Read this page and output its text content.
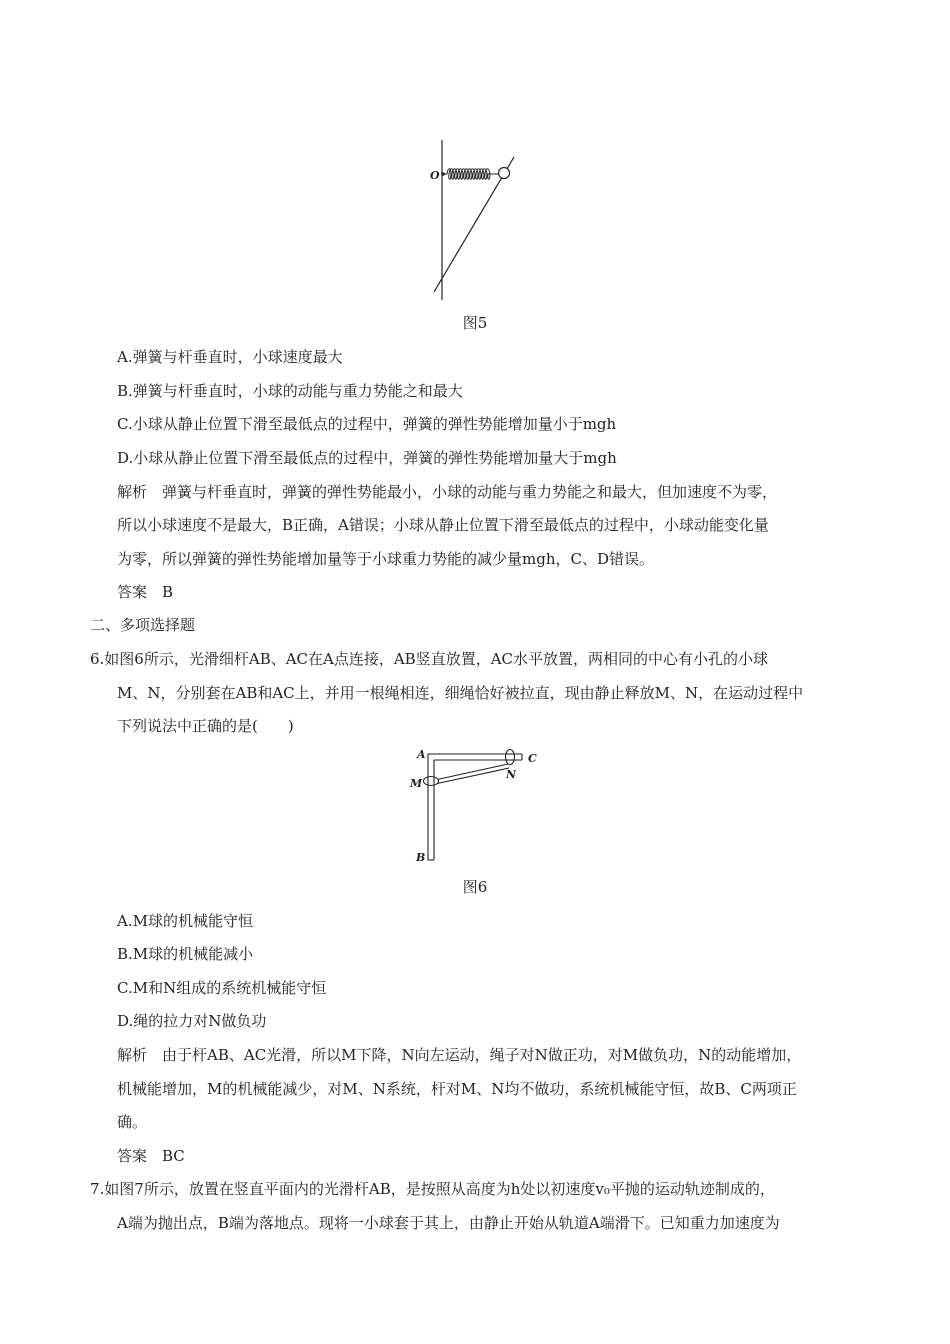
O
图5
A.弹簧与杆垂直时，小球速度最大
B.弹簧与杆垂直时，小球的动能与重力势能之和最大
C.小球从静止位置下滑至最低点的过程中，弹簧的弹性势能增加量小于mgh
D.小球从静止位置下滑至最低点的过程中，弹簧的弹性势能增加量大于mgh
解析　弹簧与杆垂直时，弹簧的弹性势能最小，小球的动能与重力势能之和最大，但加速度不为零，
所以小球速度不是最大，B正确，A错误；小球从静止位置下滑至最低点的过程中，小球动能变化量
为零，所以弹簧的弹性势能增加量等于小球重力势能的减少量mgh，C、D错误。
答案　B
二、多项选择题
6.如图6所示，光滑细杆AB、AC在A点连接，AB竖直放置，AC水平放置，两相同的中心有小孔的小球
M、N，分别套在AB和AC上，并用一根绳相连，细绳恰好被拉直，现由静止释放M、N，在运动过程中
下列说法中正确的是(　　)
A	C
M
N
B
图6
A.M球的机械能守恒
B.M球的机械能减小
C.M和N组成的系统机械能守恒
D.绳的拉力对N做负功
解析　由于杆AB、AC光滑，所以M下降，N向左运动，绳子对N做正功，对M做负功，N的动能增加，
机械能增加，M的机械能减少，对M、N系统，杆对M、N均不做功，系统机械能守恒，故B、C两项正
确。
答案　BC
7.如图7所示，放置在竖直平面内的光滑杆AB，是按照从高度为h处以初速度v₀平抛的运动轨迹制成的，
A端为抛出点，B端为落地点。现将一小球套于其上，由静止开始从轨道A端滑下。已知重力加速度为
